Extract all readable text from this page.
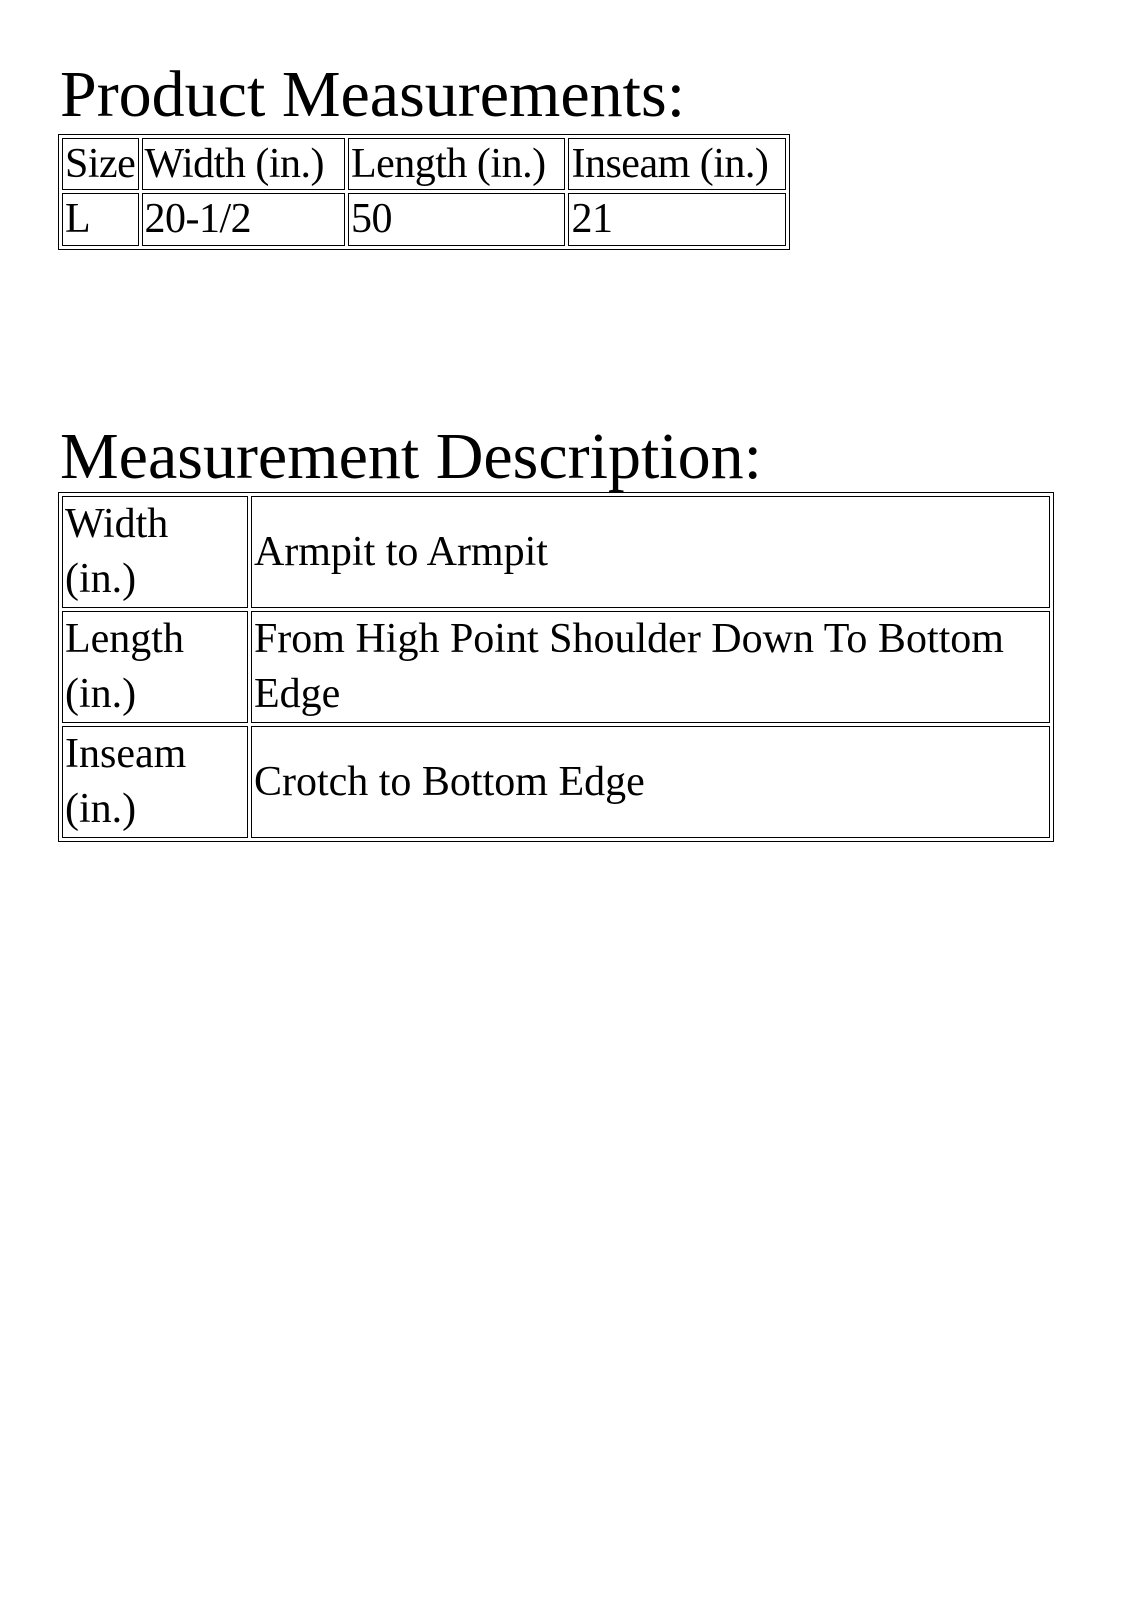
Product Measurements:
Size	Width (in.)	Length (in.)	Inseam (in.)
L	20-1/2	50	21
Measurement Description:
Width (in.)	Armpit to Armpit
Length (in.)	From High Point Shoulder Down To Bottom Edge
Inseam (in.)	Crotch to Bottom Edge
